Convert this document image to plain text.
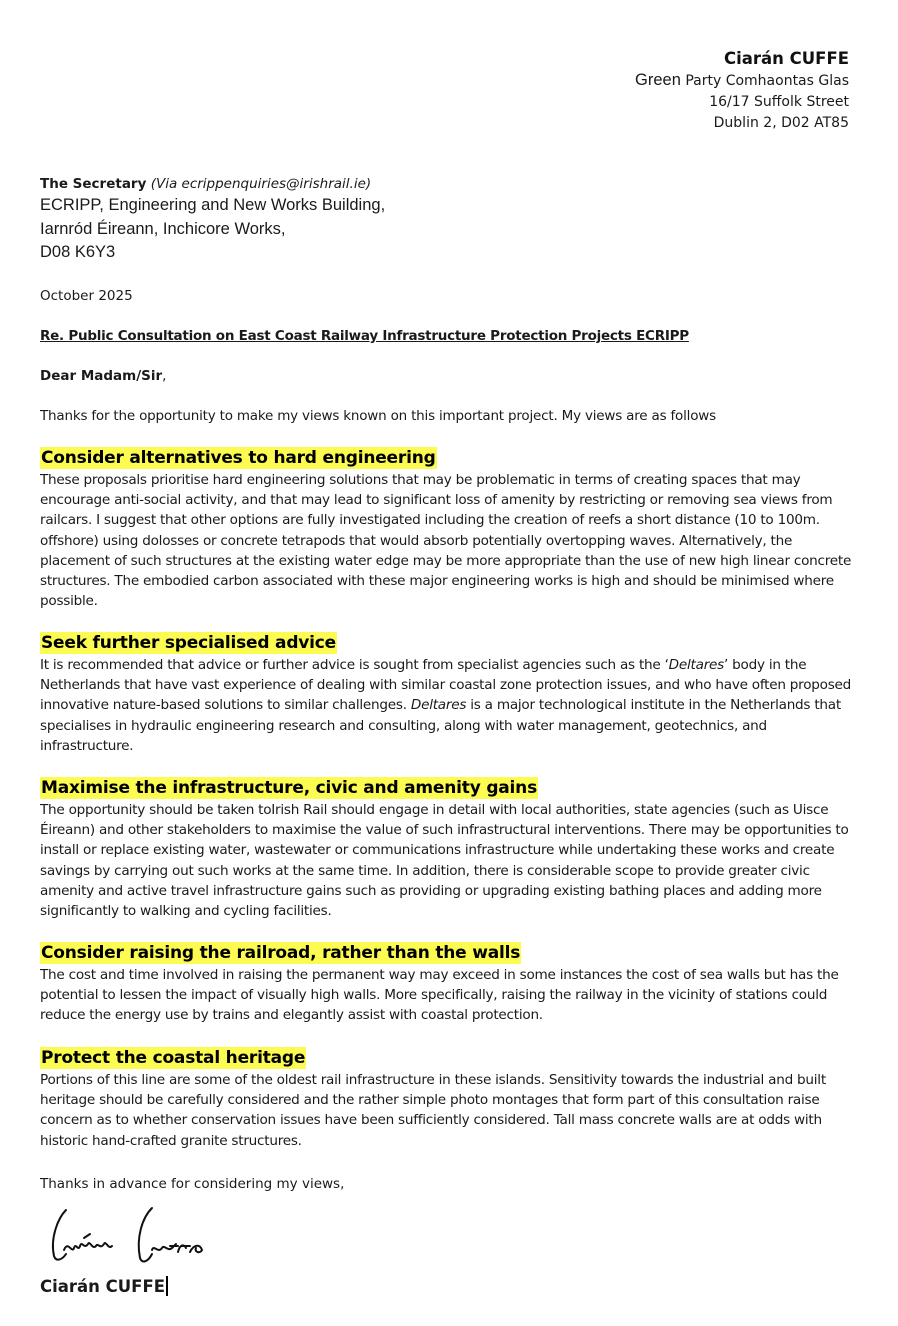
Ciarán CUFFE
Green Party Comhaontas Glas
16/17 Suffolk Street
Dublin 2, D02 AT85
The Secretary (Via ecrippenquiries@irishrail.ie)
ECRIPP, Engineering and New Works Building,
Iarnród Éireann, Inchicore Works,
D08 K6Y3
October 2025
Re. Public Consultation on East Coast Railway Infrastructure Protection Projects ECRIPP
Dear Madam/Sir,
Thanks for the opportunity to make my views known on this important project. My views are as follows
Consider alternatives to hard engineering
These proposals prioritise hard engineering solutions that may be problematic in terms of creating spaces that may encourage anti-social activity, and that may lead to significant loss of amenity by restricting or removing sea views from railcars. I suggest that other options are fully investigated including the creation of reefs a short distance (10 to 100m. offshore) using dolosses or concrete tetrapods that would absorb potentially overtopping waves. Alternatively, the placement of such structures at the existing water edge may be more appropriate than the use of new high linear concrete structures. The embodied carbon associated with these major engineering works is high and should be minimised where possible.
Seek further specialised advice
It is recommended that advice or further advice is sought from specialist agencies such as the ‘Deltares’ body in the Netherlands that have vast experience of dealing with similar coastal zone protection issues, and who have often proposed innovative nature-based solutions to similar challenges. Deltares is a major technological institute in the Netherlands that specialises in hydraulic engineering research and consulting, along with water management, geotechnics, and infrastructure.
Maximise the infrastructure, civic and amenity gains
The opportunity should be taken toIrish Rail should engage in detail with local authorities, state agencies (such as Uisce Éireann) and other stakeholders to maximise the value of such infrastructural interventions. There may be opportunities to install or replace existing water, wastewater or communications infrastructure while undertaking these works and create savings by carrying out such works at the same time. In addition, there is considerable scope to provide greater civic amenity and active travel infrastructure gains such as providing or upgrading existing bathing places and adding more significantly to walking and cycling facilities.
Consider raising the railroad, rather than the walls
The cost and time involved in raising the permanent way may exceed in some instances the cost of sea walls but has the potential to lessen the impact of visually high walls. More specifically, raising the railway in the vicinity of stations could reduce the energy use by trains and elegantly assist with coastal protection.
Protect the coastal heritage
Portions of this line are some of the oldest rail infrastructure in these islands. Sensitivity towards the industrial and built heritage should be carefully considered and the rather simple photo montages that form part of this consultation raise concern as to whether conservation issues have been sufficiently considered. Tall mass concrete walls are at odds with historic hand-crafted granite structures.
Thanks in advance for considering my views,
Ciarán CUFFE
